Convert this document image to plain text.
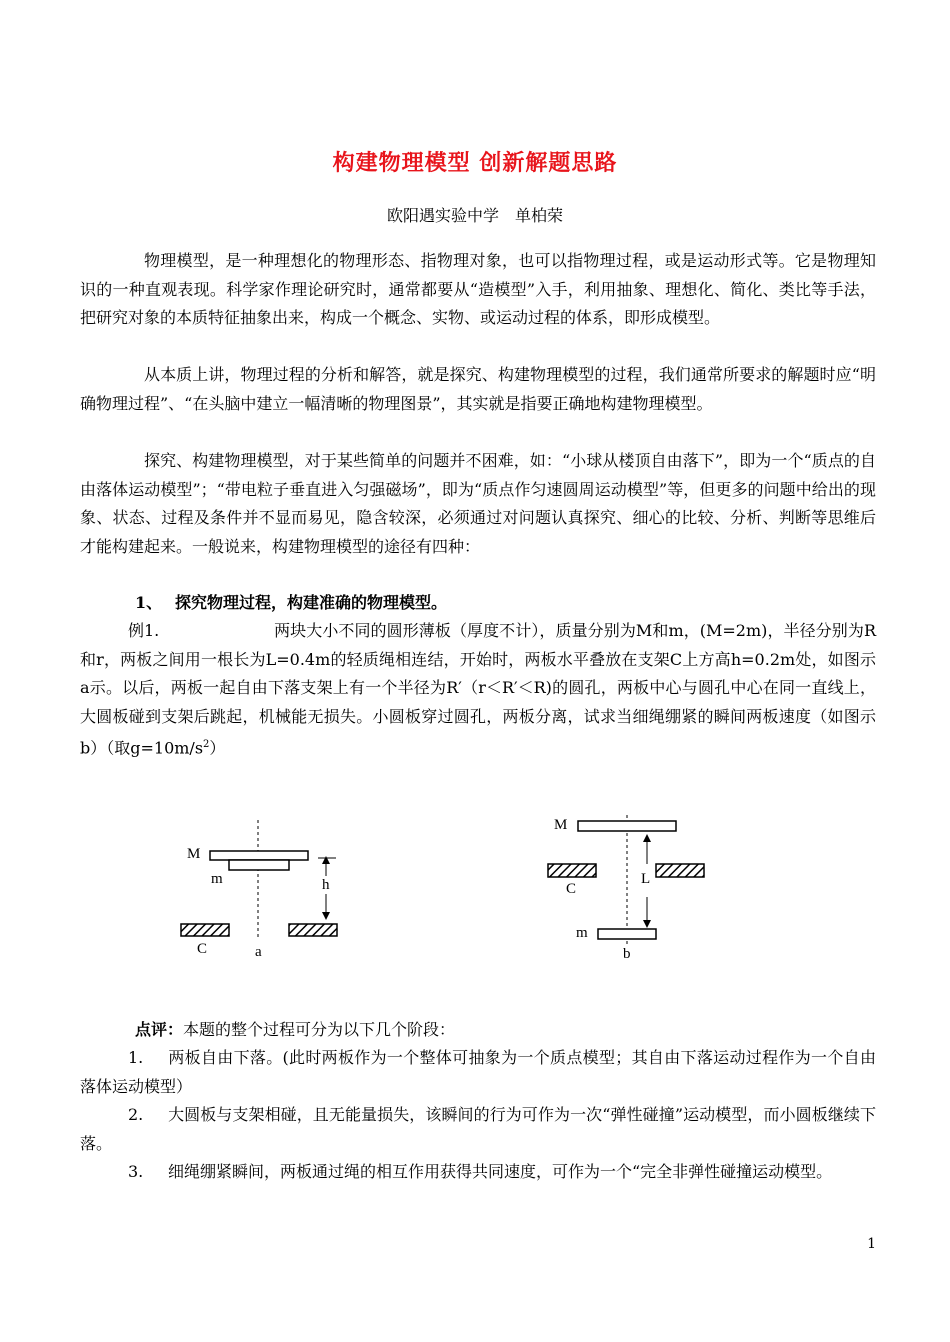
构建物理模型 创新解题思路
欧阳遇实验中学　单柏荣
物理模型，是一种理想化的物理形态、指物理对象，也可以指物理过程，或是运动形式等。它是物理知识的一种直观表现。科学家作理论研究时，通常都要从“造模型”入手，利用抽象、理想化、简化、类比等手法，把研究对象的本质特征抽象出来，构成一个概念、实物、或运动过程的体系，即形成模型。
从本质上讲，物理过程的分析和解答，就是探究、构建物理模型的过程，我们通常所要求的解题时应“明确物理过程”、“在头脑中建立一幅清晰的物理图景”，其实就是指要正确地构建物理模型。
探究、构建物理模型，对于某些简单的问题并不困难，如：“小球从楼顶自由落下”，即为一个“质点的自由落体运动模型”；“带电粒子垂直进入匀强磁场”，即为“质点作匀速圆周运动模型”等，但更多的问题中给出的现象、状态、过程及条件并不显而易见，隐含较深，必须通过对问题认真探究、细心的比较、分析、判断等思维后才能构建起来。一般说来，构建物理模型的途径有四种：
1、 探究物理过程，构建准确的物理模型。
例1.	两块大小不同的圆形薄板（厚度不计），质量分别为M和m，(M=2m)，半径分别为R和r，两板之间用一根长为L=0.4m的轻质绳相连结，开始时，两板水平叠放在支架C上方高h=0.2m处，如图示a示。以后，两板一起自由下落支架上有一个半径为R′（r＜R′＜R)的圆孔，两板中心与圆孔中心在同一直线上，大圆板碰到支架后跳起，机械能无损失。小圆板穿过圆孔，两板分离，试求当细绳绷紧的瞬间两板速度（如图示b）（取$g=10m/s^2$）
M
m	h
C	a
M
L
C
m
b
点评：本题的整个过程可分为以下几个阶段：
1. 两板自由下落。(此时两板作为一个整体可抽象为一个质点模型；其自由下落运动过程作为一个自由落体运动模型）
2. 大圆板与支架相碰，且无能量损失，该瞬间的行为可作为一次“弹性碰撞”运动模型，而小圆板继续下落。
3. 细绳绷紧瞬间，两板通过绳的相互作用获得共同速度，可作为一个“完全非弹性碰撞运动模型。
1
